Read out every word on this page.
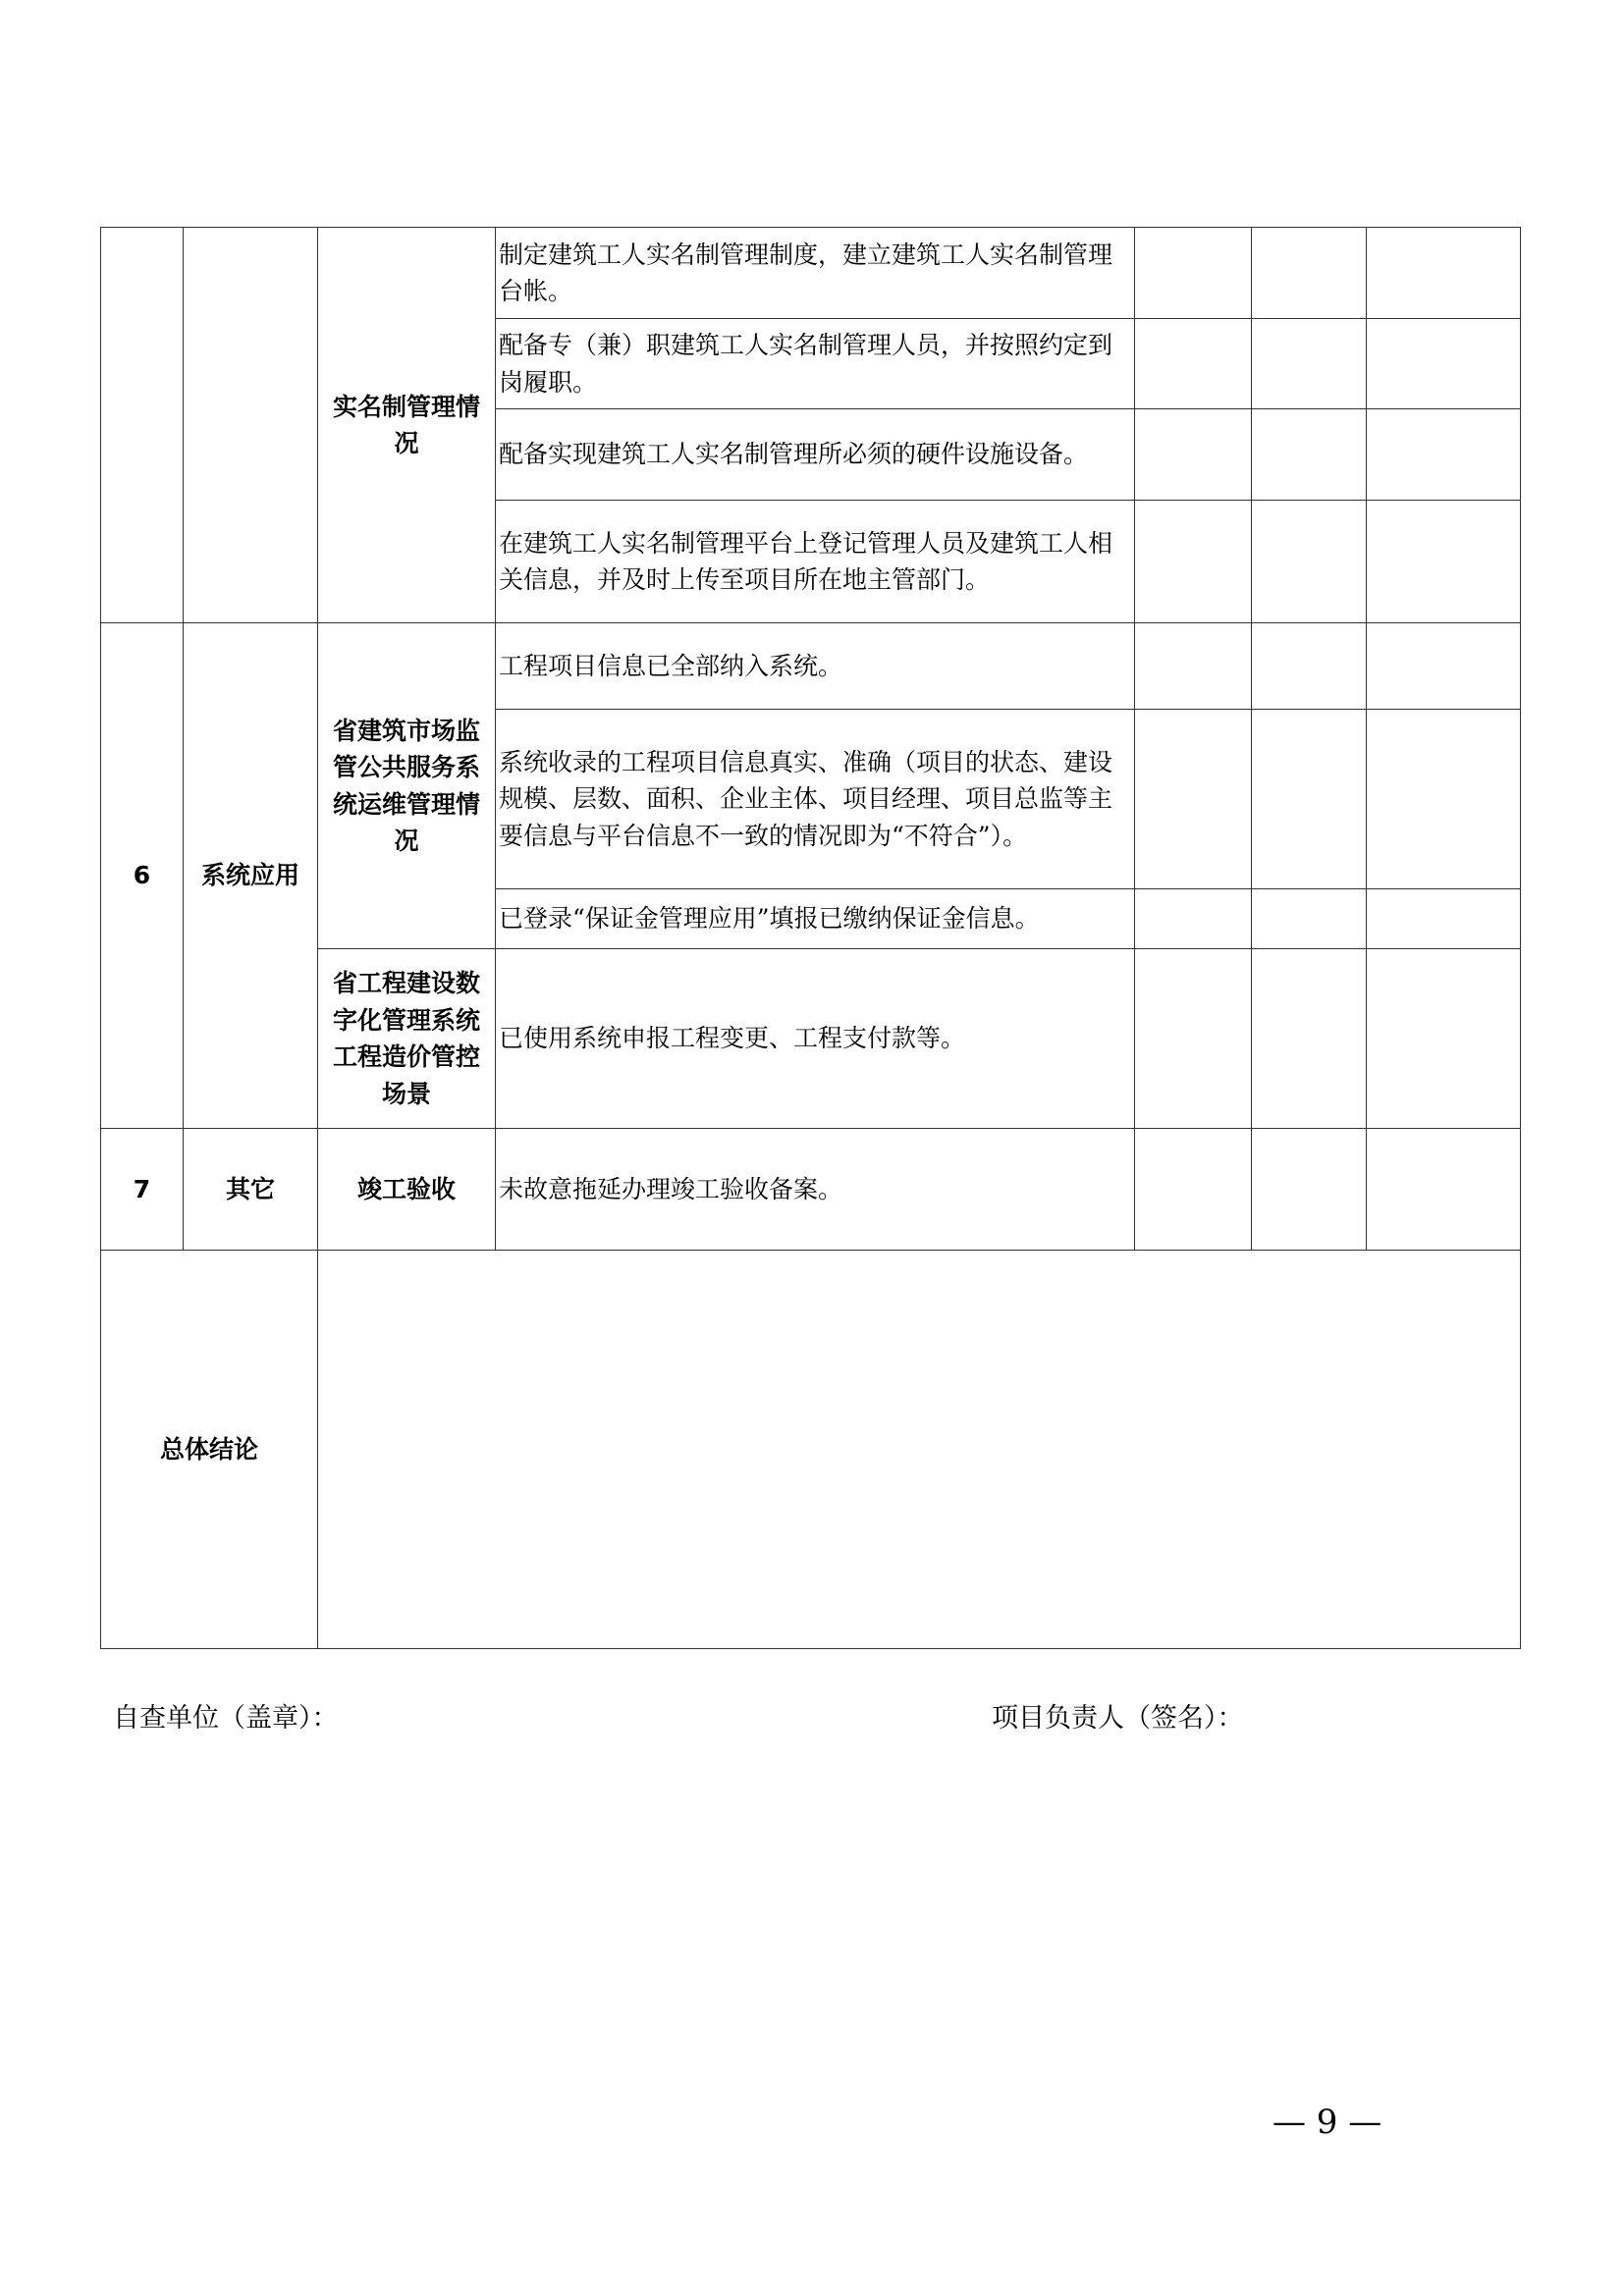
		实名制管理情况	制定建筑工人实名制管理制度，建立建筑工人实名制管理台帐。			
			配备专（兼）职建筑工人实名制管理人员，并按照约定到岗履职。			
			配备实现建筑工人实名制管理所必须的硬件设施设备。			
			在建筑工人实名制管理平台上登记管理人员及建筑工人相关信息，并及时上传至项目所在地主管部门。			
6	系统应用	省建筑市场监管公共服务系统运维管理情况	工程项目信息已全部纳入系统。			
			系统收录的工程项目信息真实、准确（项目的状态、建设规模、层数、面积、企业主体、项目经理、项目总监等主要信息与平台信息不一致的情况即为“不符合”）。			
			已登录“保证金管理应用”填报已缴纳保证金信息。			
		省工程建设数字化管理系统工程造价管控场景	已使用系统申报工程变更、工程支付款等。			
7	其它	竣工验收	未故意拖延办理竣工验收备案。			
总体结论						
自查单位（盖章）：	项目负责人（签名）：
— 9 —
